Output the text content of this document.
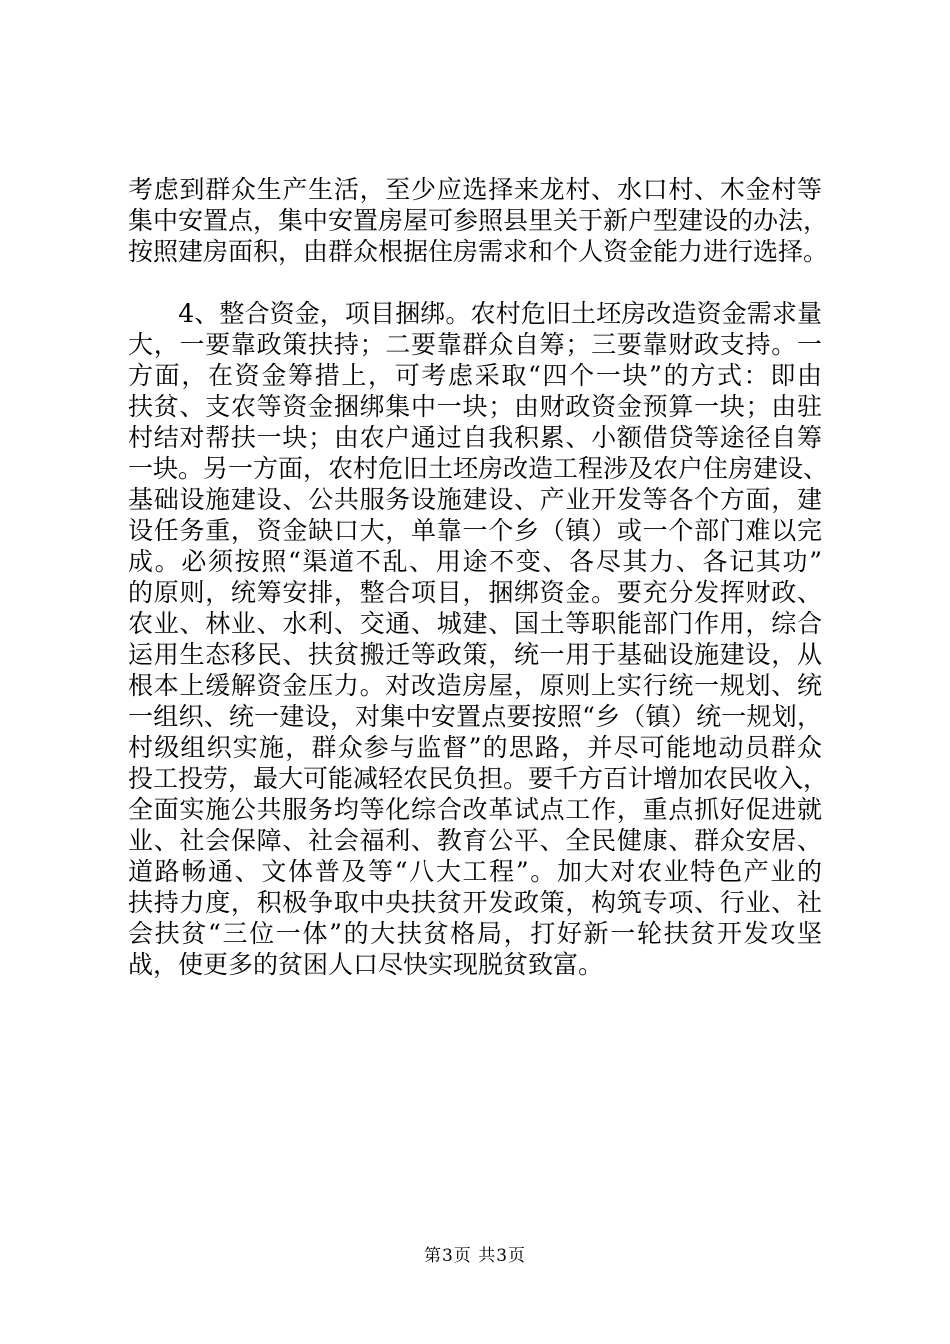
考虑到群众生产生活，至少应选择来龙村、水口村、木金村等
集中安置点，集中安置房屋可参照县里关于新户型建设的办法，
按照建房面积，由群众根据住房需求和个人资金能力进行选择。
　　4、整合资金，项目捆绑。农村危旧土坯房改造资金需求量
大，一要靠政策扶持；二要靠群众自筹；三要靠财政支持。一
方面，在资金筹措上，可考虑采取“四个一块”的方式：即由
扶贫、支农等资金捆绑集中一块；由财政资金预算一块；由驻
村结对帮扶一块；由农户通过自我积累、小额借贷等途径自筹
一块。另一方面，农村危旧土坯房改造工程涉及农户住房建设、
基础设施建设、公共服务设施建设、产业开发等各个方面，建
设任务重，资金缺口大，单靠一个乡（镇）或一个部门难以完
成。必须按照“渠道不乱、用途不变、各尽其力、各记其功”
的原则，统筹安排，整合项目，捆绑资金。要充分发挥财政、
农业、林业、水利、交通、城建、国土等职能部门作用，综合
运用生态移民、扶贫搬迁等政策，统一用于基础设施建设，从
根本上缓解资金压力。对改造房屋，原则上实行统一规划、统
一组织、统一建设，对集中安置点要按照“乡（镇）统一规划，
村级组织实施，群众参与监督”的思路，并尽可能地动员群众
投工投劳，最大可能减轻农民负担。要千方百计增加农民收入，
全面实施公共服务均等化综合改革试点工作，重点抓好促进就
业、社会保障、社会福利、教育公平、全民健康、群众安居、
道路畅通、文体普及等“八大工程”。加大对农业特色产业的
扶持力度，积极争取中央扶贫开发政策，构筑专项、行业、社
会扶贫“三位一体”的大扶贫格局，打好新一轮扶贫开发攻坚
战，使更多的贫困人口尽快实现脱贫致富。
第3页 共3页
